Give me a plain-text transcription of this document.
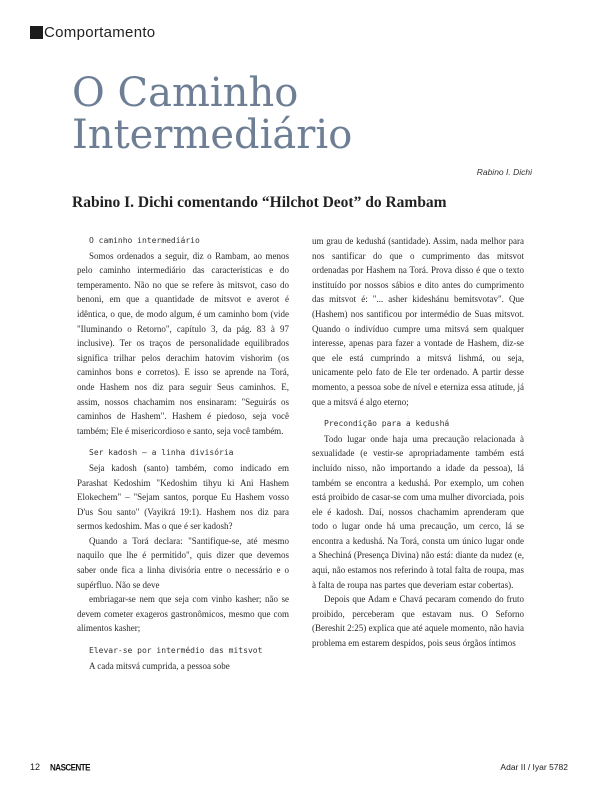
Comportamento
O Caminho
Intermediário
Rabino I. Dichi
Rabino I. Dichi comentando “Hilchot Deot” do Rambam
O caminho intermediário

Somos ordenados a seguir, diz o Rambam, ao menos pelo caminho intermediário das características e do temperamento. Não no que se refere às mitsvot, caso do benoni, em que a quantidade de mitsvot e averot é idêntica, o que, de modo algum, é um caminho bom (vide "Iluminando o Retorno", capítulo 3, da pág. 83 à 97 inclusive). Ter os traços de personalidade equilibrados significa trilhar pelos derachim hatovim vishorim (os caminhos bons e corretos). E isso se aprende na Torá, onde Hashem nos diz para seguir Seus caminhos. E, assim, nossos chachamim nos ensinaram: "Seguirás os caminhos de Hashem". Hashem é piedoso, seja você também; Ele é misericordioso e santo, seja você também.

Ser kadosh – a linha divisória

Seja kadosh (santo) também, como indicado em Parashat Kedoshim "Kedoshim tihyu ki Ani Hashem Elokechem" – "Sejam santos, porque Eu Hashem vosso D'us Sou santo" (Vayikrá 19:1). Hashem nos diz para sermos kedoshim. Mas o que é ser kadosh?

Quando a Torá declara: "Santifique-se, até mesmo naquilo que lhe é permitido", quis dizer que devemos saber onde fica a linha divisória entre o necessário e o supérfluo. Não se deve

embriagar-se nem que seja com vinho kasher; não se devem cometer exageros gastronômicos, mesmo que com alimentos kasher;

Elevar-se por intermédio das mitsvot

A cada mitsvá cumprida, a pessoa sobe

um grau de kedushá (santidade). Assim, nada melhor para nos santificar do que o cumprimento das mitsvot ordenadas por Hashem na Torá. Prova disso é que o texto instituído por nossos sábios e dito antes do cumprimento das mitsvot é: "... asher kideshánu bemitsvotav". Que (Hashem) nos santificou por intermédio de Suas mitsvot. Quando o indivíduo cumpre uma mitsvá sem qualquer interesse, apenas para fazer a vontade de Hashem, diz-se que ele está cumprindo a mitsvá lishmá, ou seja, unicamente pelo fato de Ele ter ordenado. A partir desse momento, a pessoa sobe de nível e eterniza essa atitude, já que a mitsvá é algo eterno;

Precondição para a kedushá

Todo lugar onde haja uma precaução relacionada à sexualidade (e vestir-se apropriadamente também está incluído nisso, não importando a idade da pessoa), lá também se encontra a kedushá. Por exemplo, um cohen está proibido de casar-se com uma mulher divorciada, pois ele é kadosh. Daí, nossos chachamim aprenderam que todo o lugar onde há uma precaução, um cerco, lá se encontra a kedushá. Na Torá, consta um único lugar onde a Shechiná (Presença Divina) não está: diante da nudez (e, aqui, não estamos nos referindo à total falta de roupa, mas à falta de roupa nas partes que deveriam estar cobertas).

Depois que Adam e Chavá pecaram comendo do fruto proibido, perceberam que estavam nus. O Seforno (Bereshit 2:25) explica que até aquele momento, não havia problema em estarem despidos, pois seus órgãos íntimos

12 NASCENTE	Adar II / Iyar 5782
